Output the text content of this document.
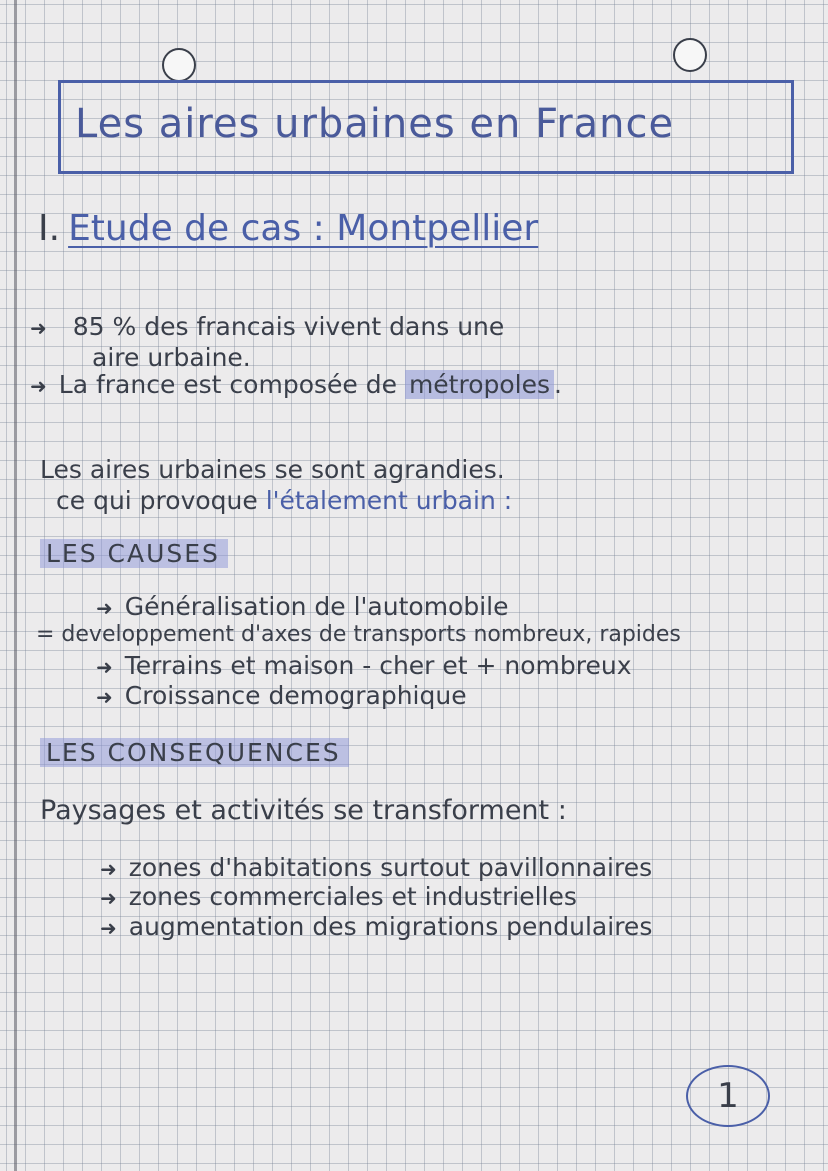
Les aires urbaines en France
I. Etude de cas : Montpellier
➜ 85 % des francais vivent dans une
aire urbaine.
➜ La france est composée de métropoles .
Les aires urbaines se sont agrandies.
ce qui provoque l'étalement urbain :
LES CAUSES
➜ Généralisation de l'automobile
= developpement d'axes de transports nombreux, rapides
➜ Terrains et maison - cher et + nombreux
➜ Croissance demographique
LES CONSEQUENCES
Paysages et activités se transforment :
➜ zones d'habitations surtout pavillonnaires
➜ zones commerciales et industrielles
➜ augmentation des migrations pendulaires
1
